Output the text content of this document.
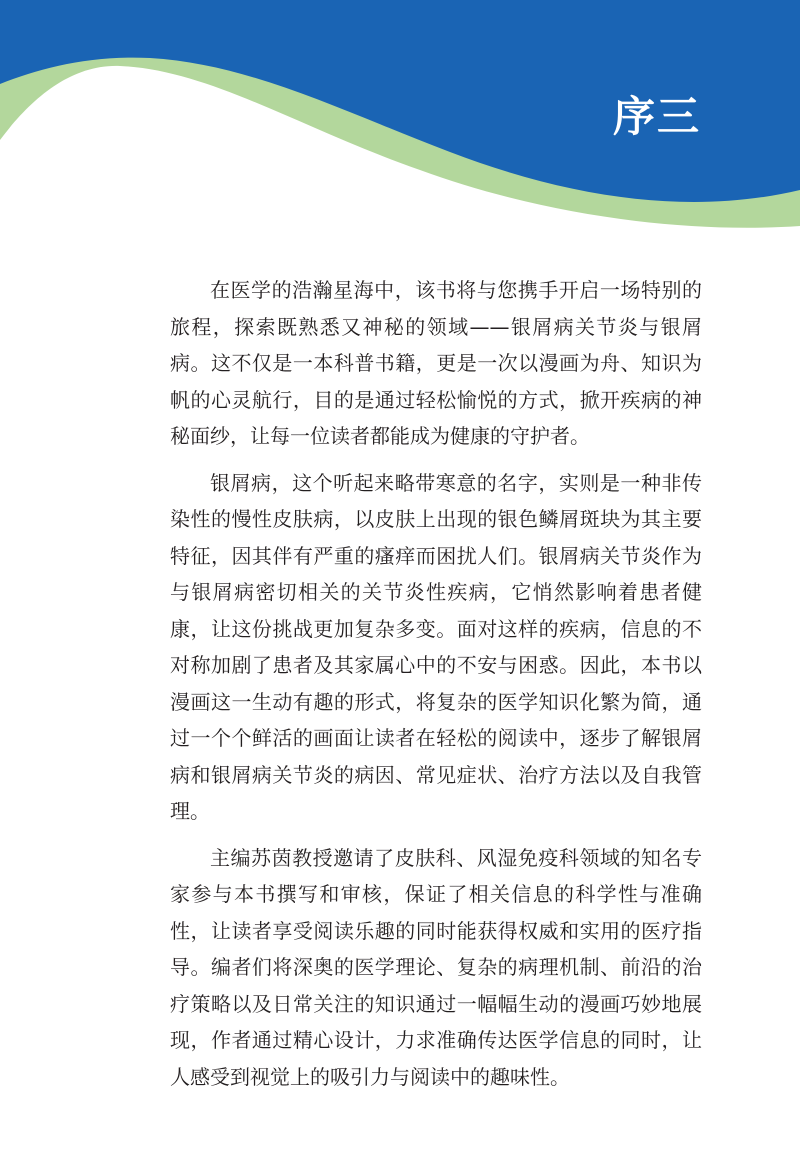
序三

在医学的浩瀚星海中，该书将与您携手开启一场特别的旅程，探索既熟悉又神秘的领域——银屑病关节炎与银屑病。这不仅是一本科普书籍，更是一次以漫画为舟、知识为帆的心灵航行，目的是通过轻松愉悦的方式，掀开疾病的神秘面纱，让每一位读者都能成为健康的守护者。

银屑病，这个听起来略带寒意的名字，实则是一种非传染性的慢性皮肤病，以皮肤上出现的银色鳞屑斑块为其主要特征，因其伴有严重的瘙痒而困扰人们。银屑病关节炎作为与银屑病密切相关的关节炎性疾病，它悄然影响着患者健康，让这份挑战更加复杂多变。面对这样的疾病，信息的不对称加剧了患者及其家属心中的不安与困惑。因此，本书以漫画这一生动有趣的形式，将复杂的医学知识化繁为简，通过一个个鲜活的画面让读者在轻松的阅读中，逐步了解银屑病和银屑病关节炎的病因、常见症状、治疗方法以及自我管理。

主编苏茵教授邀请了皮肤科、风湿免疫科领域的知名专家参与本书撰写和审核，保证了相关信息的科学性与准确性，让读者享受阅读乐趣的同时能获得权威和实用的医疗指导。编者们将深奥的医学理论、复杂的病理机制、前沿的治疗策略以及日常关注的知识通过一幅幅生动的漫画巧妙地展现，作者通过精心设计，力求准确传达医学信息的同时，让人感受到视觉上的吸引力与阅读中的趣味性。
